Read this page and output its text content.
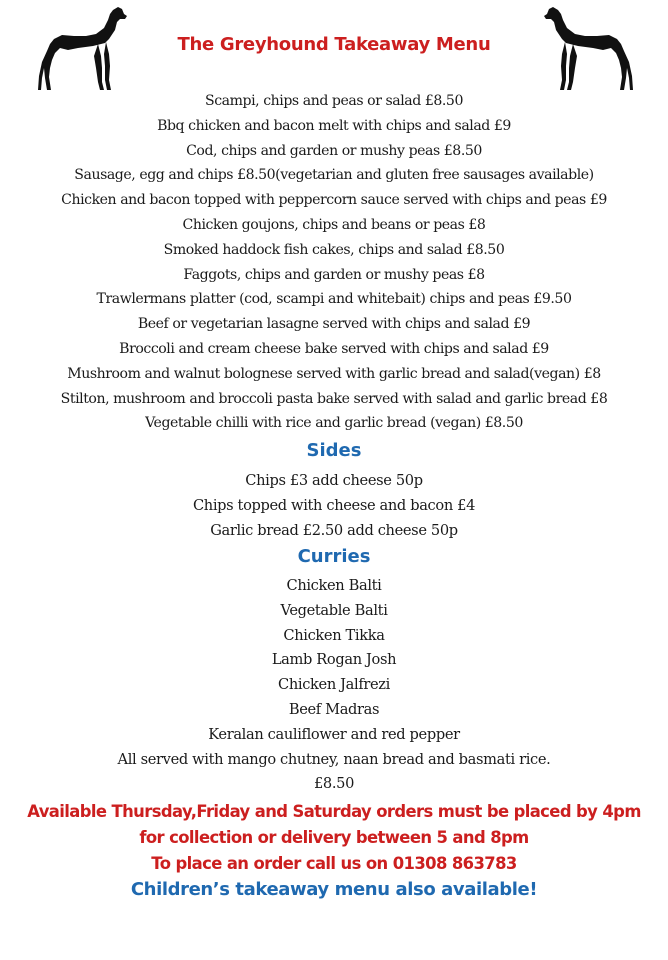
The Greyhound Takeaway Menu
Scampi, chips and peas or salad £8.50
Bbq chicken and bacon melt with chips and salad £9
Cod, chips and garden or mushy peas £8.50
Sausage, egg and chips £8.50(vegetarian and gluten free sausages available)
Chicken and bacon topped with peppercorn sauce served with chips and peas £9
Chicken goujons, chips and beans or peas £8
Smoked haddock fish cakes, chips and salad £8.50
Faggots, chips and garden or mushy peas £8
Trawlermans platter (cod, scampi and whitebait) chips and peas £9.50
Beef or vegetarian lasagne served with chips and salad £9
Broccoli and cream cheese bake served with chips and salad £9
Mushroom and walnut bolognese served with garlic bread and salad(vegan) £8
Stilton, mushroom and broccoli pasta bake served with salad and garlic bread £8
Vegetable chilli with rice and garlic bread (vegan) £8.50
Sides
Chips £3 add cheese 50p
Chips topped with cheese and bacon £4
Garlic bread £2.50 add cheese 50p
Curries
Chicken Balti
Vegetable Balti
Chicken Tikka
Lamb Rogan Josh
Chicken Jalfrezi
Beef Madras
Keralan cauliflower and red pepper
All served with mango chutney, naan bread and basmati rice.
£8.50
Available Thursday,Friday and Saturday orders must be placed by 4pm
for collection or delivery between 5 and 8pm
To place an order call us on 01308 863783
Children’s takeaway menu also available!
